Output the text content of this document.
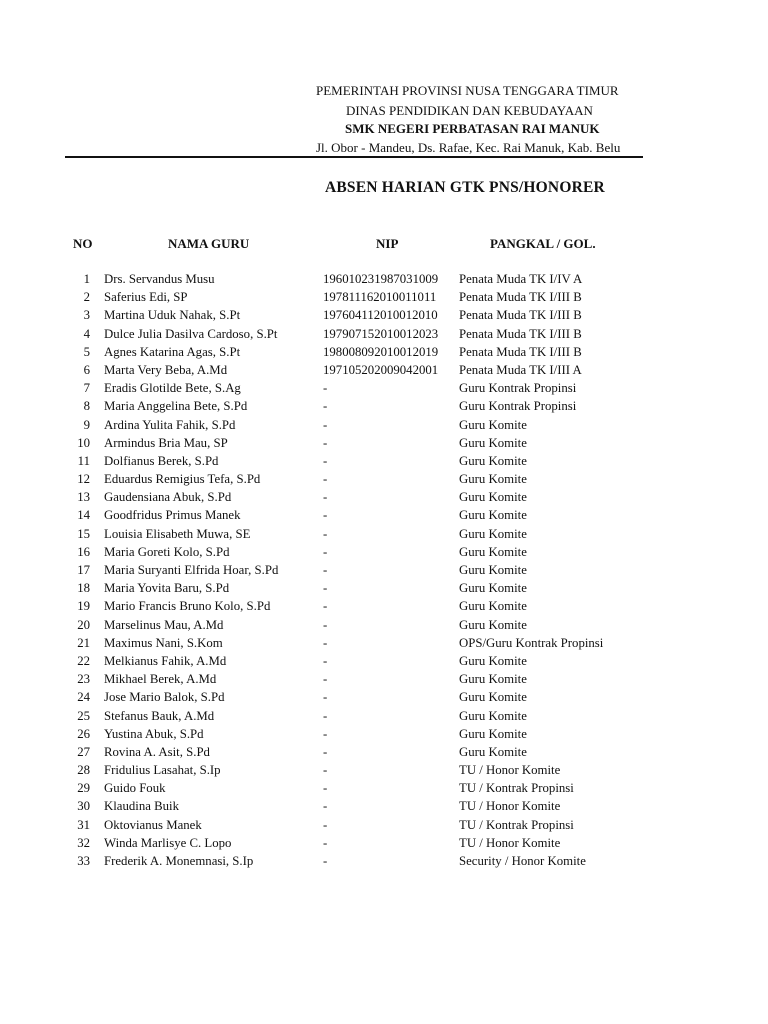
PEMERINTAH PROVINSI NUSA TENGGARA TIMUR
DINAS PENDIDIKAN DAN KEBUDAYAAN
SMK NEGERI PERBATASAN RAI MANUK
Jl. Obor - Mandeu, Ds. Rafae, Kec. Rai Manuk, Kab. Belu
ABSEN HARIAN GTK PNS/HONORER
NO	NAMA GURU	NIP	PANGKAL / GOL.
1 Drs. Servandus Musu	196010231987031009 Penata Muda TK I/IV A
2 Saferius Edi, SP	197811162010011011 Penata Muda TK I/III B
3 Martina Uduk Nahak, S.Pt	197604112010012010 Penata Muda TK I/III B
4 Dulce Julia Dasilva Cardoso, S.Pt	197907152010012023 Penata Muda TK I/III B
5 Agnes Katarina Agas, S.Pt	198008092010012019 Penata Muda TK I/III B
6 Marta Very Beba, A.Md	197105202009042001 Penata Muda TK I/III A
7 Eradis Glotilde Bete, S.Ag	-	Guru Kontrak Propinsi
8 Maria Anggelina Bete, S.Pd	-	Guru Kontrak Propinsi
9 Ardina Yulita Fahik, S.Pd	-	Guru Komite
10 Armindus Bria Mau, SP	-	Guru Komite
11 Dolfianus Berek, S.Pd	-	Guru Komite
12 Eduardus Remigius Tefa, S.Pd	-	Guru Komite
13 Gaudensiana Abuk, S.Pd	-	Guru Komite
14 Goodfridus Primus Manek	-	Guru Komite
15 Louisia Elisabeth Muwa, SE	-	Guru Komite
16 Maria Goreti Kolo, S.Pd	-	Guru Komite
17 Maria Suryanti Elfrida Hoar, S.Pd	-	Guru Komite
18 Maria Yovita Baru, S.Pd	-	Guru Komite
19 Mario Francis Bruno Kolo, S.Pd	-	Guru Komite
20 Marselinus Mau, A.Md	-	Guru Komite
21 Maximus Nani, S.Kom	-	OPS/Guru Kontrak Propinsi
22 Melkianus Fahik, A.Md	-	Guru Komite
23 Mikhael Berek, A.Md	-	Guru Komite
24 Jose Mario Balok, S.Pd	-	Guru Komite
25 Stefanus Bauk, A.Md	-	Guru Komite
26 Yustina Abuk, S.Pd	-	Guru Komite
27 Rovina A. Asit, S.Pd	-	Guru Komite
28 Fridulius Lasahat, S.Ip	-	TU / Honor Komite
29 Guido Fouk	-	TU / Kontrak Propinsi
30 Klaudina Buik	-	TU / Honor Komite
31 Oktovianus Manek	-	TU / Kontrak Propinsi
32 Winda Marlisye C. Lopo	-	TU / Honor Komite
33 Frederik A. Monemnasi, S.Ip	-	Security / Honor Komite
